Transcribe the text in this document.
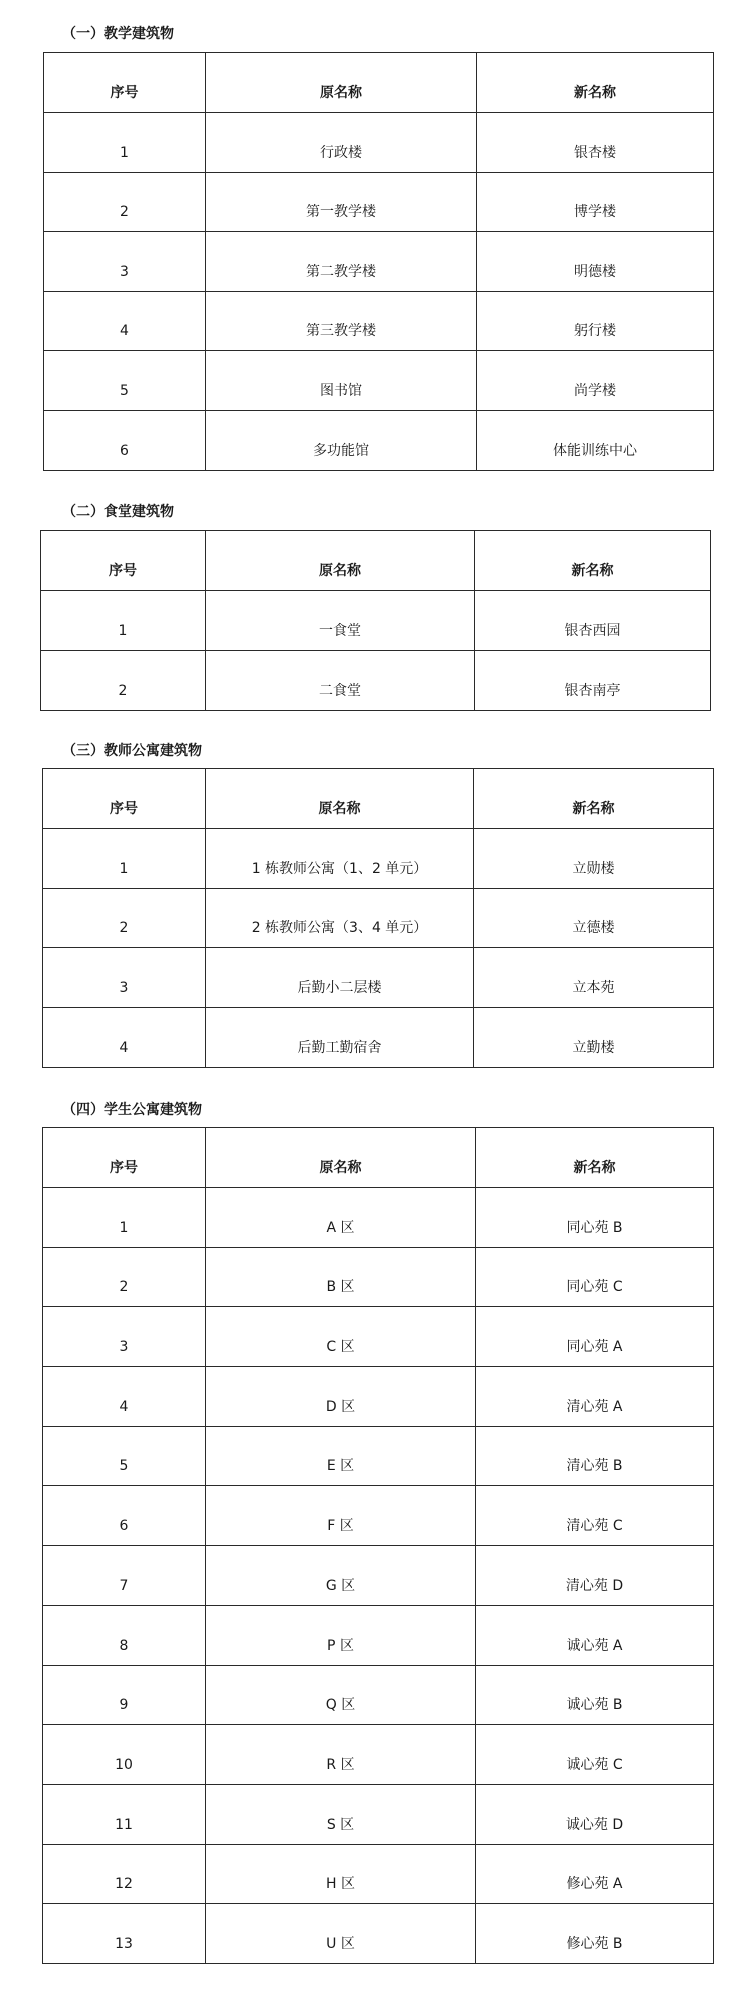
（一）教学建筑物
序号	原名称	新名称
1	行政楼	银杏楼
2	第一教学楼	博学楼
3	第二教学楼	明德楼
4	第三教学楼	躬行楼
5	图书馆	尚学楼
6	多功能馆	体能训练中心
（二）食堂建筑物
序号	原名称	新名称
1	一食堂	银杏西园
2	二食堂	银杏南亭
（三）教师公寓建筑物
序号	原名称	新名称
1	1 栋教师公寓（1、2 单元）	立勋楼
2	2 栋教师公寓（3、4 单元）	立德楼
3	后勤小二层楼	立本苑
4	后勤工勤宿舍	立勤楼
（四）学生公寓建筑物
序号	原名称	新名称
1	A 区	同心苑 B
2	B 区	同心苑 C
3	C 区	同心苑 A
4	D 区	清心苑 A
5	E 区	清心苑 B
6	F 区	清心苑 C
7	G 区	清心苑 D
8	P 区	诚心苑 A
9	Q 区	诚心苑 B
10	R 区	诚心苑 C
11	S 区	诚心苑 D
12	H 区	修心苑 A
13	U 区	修心苑 B
